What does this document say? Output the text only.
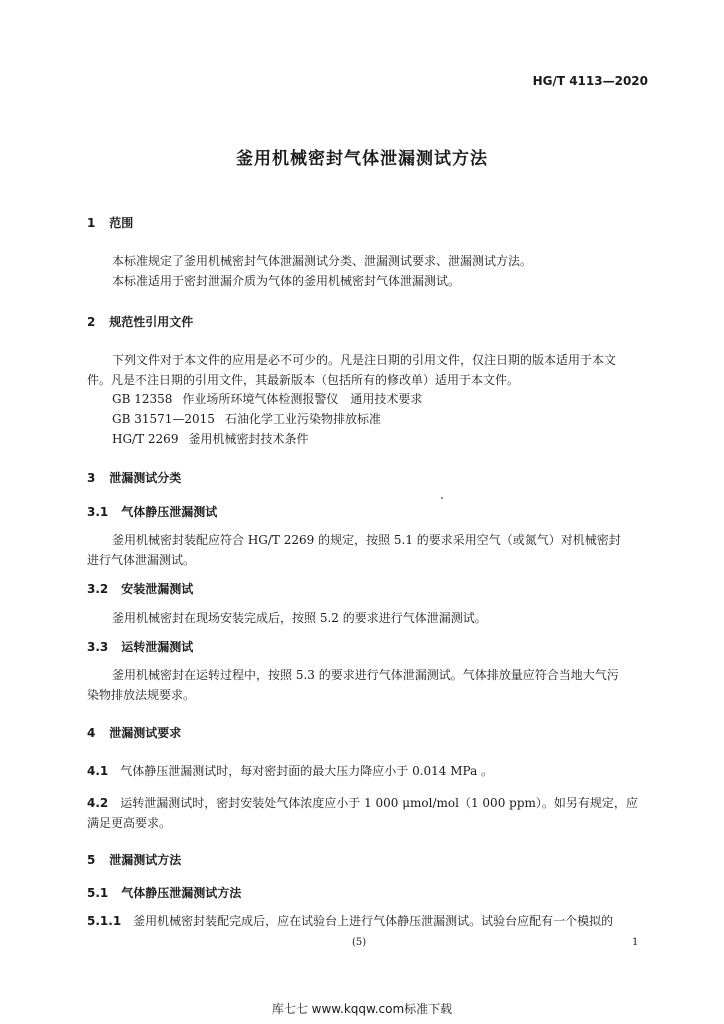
HG/T 4113—2020
釜用机械密封气体泄漏测试方法
1 范围
本标准规定了釜用机械密封气体泄漏测试分类、泄漏测试要求、泄漏测试方法。
本标准适用于密封泄漏介质为气体的釜用机械密封气体泄漏测试。
2 规范性引用文件
下列文件对于本文件的应用是必不可少的。凡是注日期的引用文件，仅注日期的版本适用于本文
件。凡是不注日期的引用文件，其最新版本（包括所有的修改单）适用于本文件。
GB 12358 作业场所环境气体检测报警仪　通用技术要求
GB 31571—2015 石油化学工业污染物排放标准
HG/T 2269 釜用机械密封技术条件
3 泄漏测试分类
3.1 气体静压泄漏测试
釜用机械密封装配应符合 HG/T 2269 的规定，按照 5.1 的要求采用空气（或氮气）对机械密封
进行气体泄漏测试。
3.2 安装泄漏测试
釜用机械密封在现场安装完成后，按照 5.2 的要求进行气体泄漏测试。
3.3 运转泄漏测试
釜用机械密封在运转过程中，按照 5.3 的要求进行气体泄漏测试。气体排放量应符合当地大气污
染物排放法规要求。
4 泄漏测试要求
4.1 气体静压泄漏测试时，每对密封面的最大压力降应小于 0.014 MPa 。
4.2 运转泄漏测试时，密封安装处气体浓度应小于 1 000 μmol/mol（1 000 ppm）。如另有规定，应
满足更高要求。
5 泄漏测试方法
5.1 气体静压泄漏测试方法
5.1.1 釜用机械密封装配完成后，应在试验台上进行气体静压泄漏测试。试验台应配有一个模拟的
(5)	1
库七七 www.kqqw.com标准下载
